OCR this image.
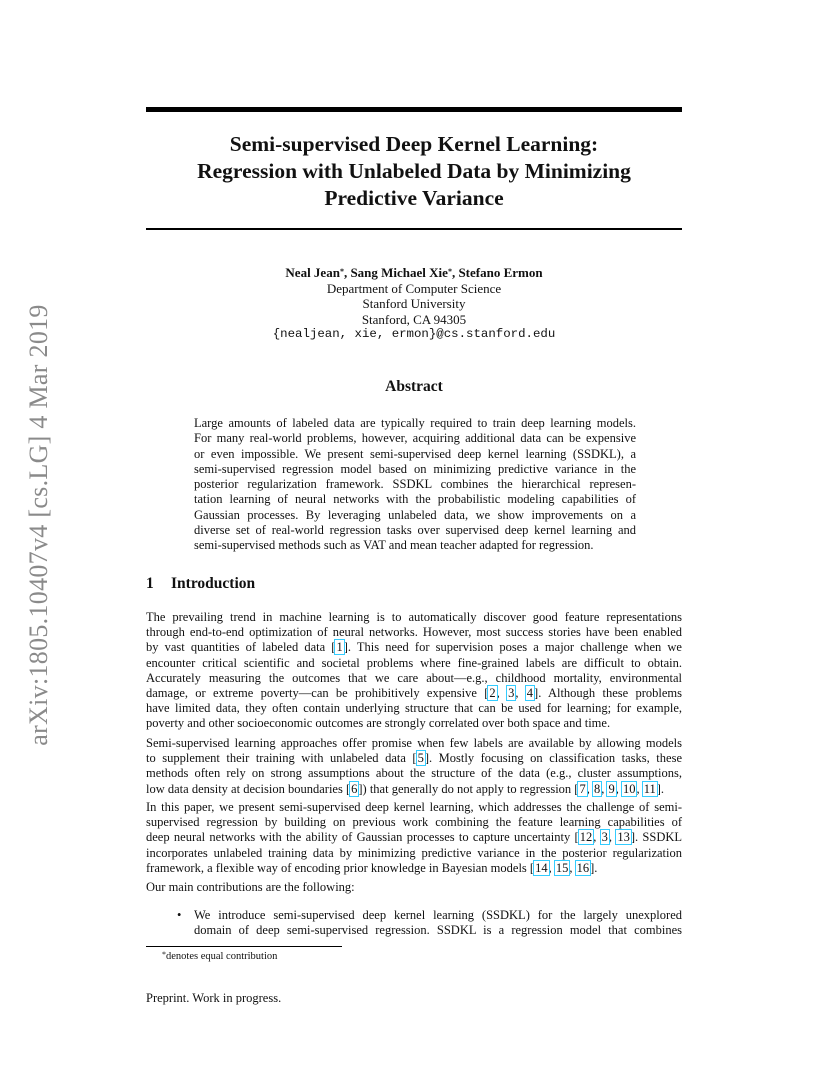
arXiv:1805.10407v4 [cs.LG] 4 Mar 2019
Semi-supervised Deep Kernel Learning:
Regression with Unlabeled Data by Minimizing
Predictive Variance
Neal Jean*, Sang Michael Xie*, Stefano Ermon
Department of Computer Science
Stanford University
Stanford, CA 94305
{nealjean, xie, ermon}@cs.stanford.edu
Abstract
Large amounts of labeled data are typically required to train deep learning models.
For many real-world problems, however, acquiring additional data can be expensive
or even impossible. We present semi-supervised deep kernel learning (SSDKL), a
semi-supervised regression model based on minimizing predictive variance in the
posterior regularization framework. SSDKL combines the hierarchical represen-
tation learning of neural networks with the probabilistic modeling capabilities of
Gaussian processes. By leveraging unlabeled data, we show improvements on a
diverse set of real-world regression tasks over supervised deep kernel learning and
semi-supervised methods such as VAT and mean teacher adapted for regression.
1 Introduction
The prevailing trend in machine learning is to automatically discover good feature representations
through end-to-end optimization of neural networks. However, most success stories have been enabled
by vast quantities of labeled data [1]. This need for supervision poses a major challenge when we
encounter critical scientific and societal problems where fine-grained labels are difficult to obtain.
Accurately measuring the outcomes that we care about—e.g., childhood mortality, environmental
damage, or extreme poverty—can be prohibitively expensive [2, 3, 4]. Although these problems
have limited data, they often contain underlying structure that can be used for learning; for example,
poverty and other socioeconomic outcomes are strongly correlated over both space and time.
Semi-supervised learning approaches offer promise when few labels are available by allowing models
to supplement their training with unlabeled data [5]. Mostly focusing on classification tasks, these
methods often rely on strong assumptions about the structure of the data (e.g., cluster assumptions,
low data density at decision boundaries [6]) that generally do not apply to regression [7, 8, 9, 10, 11].
In this paper, we present semi-supervised deep kernel learning, which addresses the challenge of semi-
supervised regression by building on previous work combining the feature learning capabilities of
deep neural networks with the ability of Gaussian processes to capture uncertainty [12, 3, 13]. SSDKL
incorporates unlabeled training data by minimizing predictive variance in the posterior regularization
framework, a flexible way of encoding prior knowledge in Bayesian models [14, 15, 16].
Our main contributions are the following:
• We introduce semi-supervised deep kernel learning (SSDKL) for the largely unexplored
domain of deep semi-supervised regression. SSDKL is a regression model that combines
*denotes equal contribution
Preprint. Work in progress.
